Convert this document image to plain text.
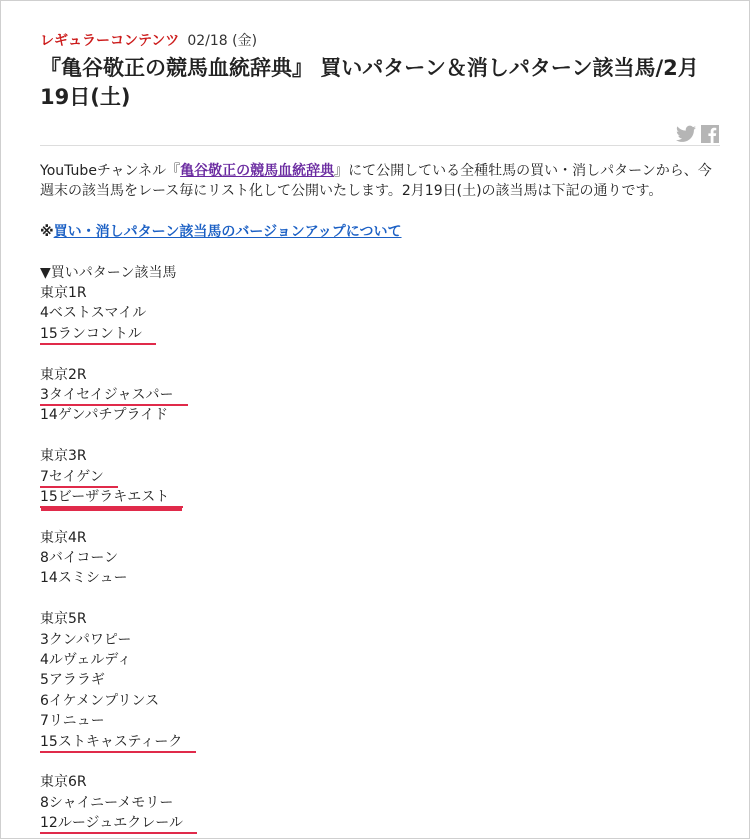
レギュラーコンテンツ 02/18 (金)
『亀谷敬正の競馬血統辞典』 買いパターン＆消しパターン該当馬/2月19日(土)

YouTubeチャンネル『亀谷敬正の競馬血統辞典』にて公開している全種牡馬の買い・消しパターンから、今週末の該当馬をレース毎にリスト化して公開いたします。2月19日(土)の該当馬は下記の通りです。

※買い・消しパターン該当馬のバージョンアップについて

▼買いパターン該当馬
東京1R
4ベストスマイル
15ランコントル
東京2R
3タイセイジャスパー
14ゲンパチプライド
東京3R
7セイゲン
15ビーザラキエスト
東京4R
8バイコーン
14スミシュー
東京5R
3クンパワピー
4ルヴェルディ
5アララギ
6イケメンプリンス
7リニュー
15ストキャスティーク
東京6R
8シャイニーメモリー
12ルージュエクレール
